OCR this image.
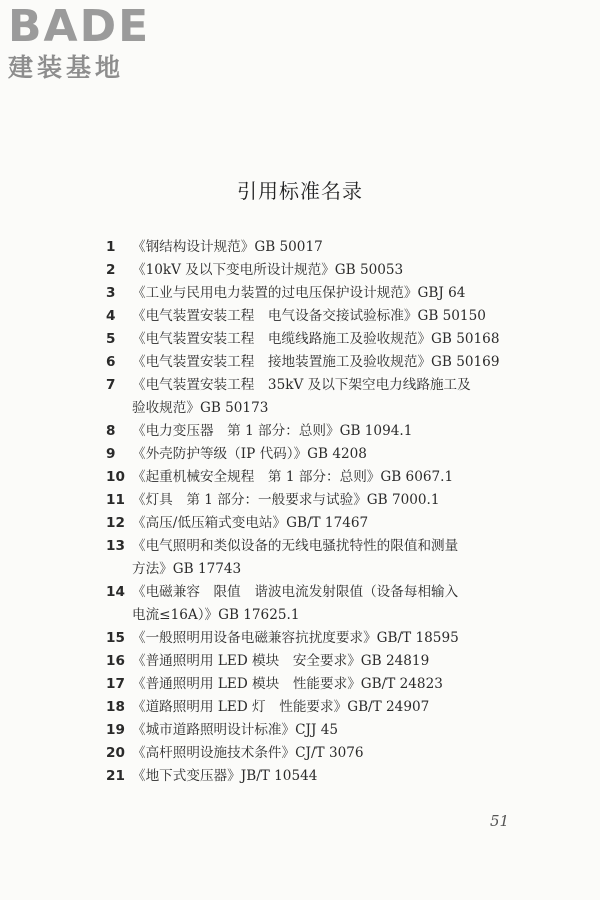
BADE
建装基地
引用标准名录
1	《钢结构设计规范》GB 50017
2	《10kV 及以下变电所设计规范》GB 50053
3	《工业与民用电力装置的过电压保护设计规范》GBJ 64
4	《电气装置安装工程　电气设备交接试验标准》GB 50150
5	《电气装置安装工程　电缆线路施工及验收规范》GB 50168
6	《电气装置安装工程　接地装置施工及验收规范》GB 50169
7	《电气装置安装工程　35kV 及以下架空电力线路施工及
验收规范》GB 50173
8	《电力变压器　第 1 部分：总则》GB 1094.1
9	《外壳防护等级（IP 代码）》GB 4208
10 《起重机械安全规程　第 1 部分：总则》GB 6067.1
11 《灯具　第 1 部分：一般要求与试验》GB 7000.1
12 《高压/低压箱式变电站》GB/T 17467
13 《电气照明和类似设备的无线电骚扰特性的限值和测量
方法》GB 17743
14 《电磁兼容　限值　谐波电流发射限值（设备每相输入
电流≤16A）》GB 17625.1
15 《一般照明用设备电磁兼容抗扰度要求》GB/T 18595
16 《普通照明用 LED 模块　安全要求》GB 24819
17 《普通照明用 LED 模块　性能要求》GB/T 24823
18 《道路照明用 LED 灯　性能要求》GB/T 24907
19 《城市道路照明设计标准》CJJ 45
20 《高杆照明设施技术条件》CJ/T 3076
21 《地下式变压器》JB/T 10544
51
